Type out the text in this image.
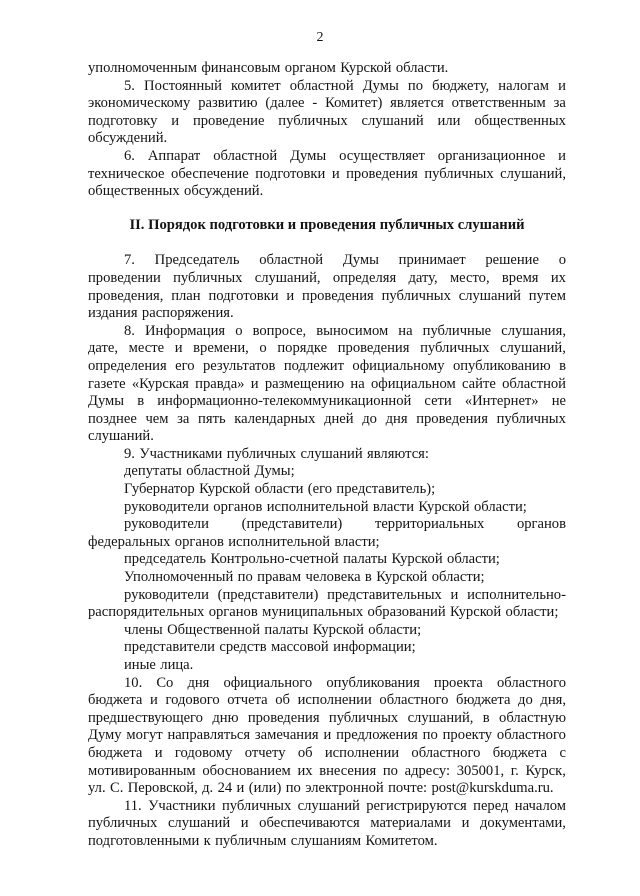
2
уполномоченным финансовым органом Курской области.
5. Постоянный комитет областной Думы по бюджету, налогам и
экономическому развитию (далее - Комитет) является ответственным за
подготовку и проведение публичных слушаний или общественных
обсуждений.
6. Аппарат областной Думы осуществляет организационное и
техническое обеспечение подготовки и проведения публичных слушаний,
общественных обсуждений.
II. Порядок подготовки и проведения публичных слушаний
7. Председатель областной Думы принимает решение о
проведении публичных слушаний, определяя дату, место, время их
проведения, план подготовки и проведения публичных слушаний путем
издания распоряжения.
8. Информация о вопросе, выносимом на публичные слушания,
дате, месте и времени, о порядке проведения публичных слушаний,
определения его результатов подлежит официальному опубликованию в
газете «Курская правда» и размещению на официальном сайте областной
Думы в информационно-телекоммуникационной сети «Интернет» не
позднее чем за пять календарных дней до дня проведения публичных
слушаний.
9. Участниками публичных слушаний являются:
депутаты областной Думы;
Губернатор Курской области (его представитель);
руководители органов исполнительной власти Курской области;
руководители (представители) территориальных органов
федеральных органов исполнительной власти;
председатель Контрольно-счетной палаты Курской области;
Уполномоченный по правам человека в Курской области;
руководители (представители) представительных и исполнительно-
распорядительных органов муниципальных образований Курской области;
члены Общественной палаты Курской области;
представители средств массовой информации;
иные лица.
10. Со дня официального опубликования проекта областного
бюджета и годового отчета об исполнении областного бюджета до дня,
предшествующего дню проведения публичных слушаний, в областную
Думу могут направляться замечания и предложения по проекту областного
бюджета и годовому отчету об исполнении областного бюджета с
мотивированным обоснованием их внесения по адресу: 305001, г. Курск,
ул. С. Перовской, д. 24 и (или) по электронной почте: post@kurskduma.ru.
11. Участники публичных слушаний регистрируются перед началом
публичных слушаний и обеспечиваются материалами и документами,
подготовленными к публичным слушаниям Комитетом.
